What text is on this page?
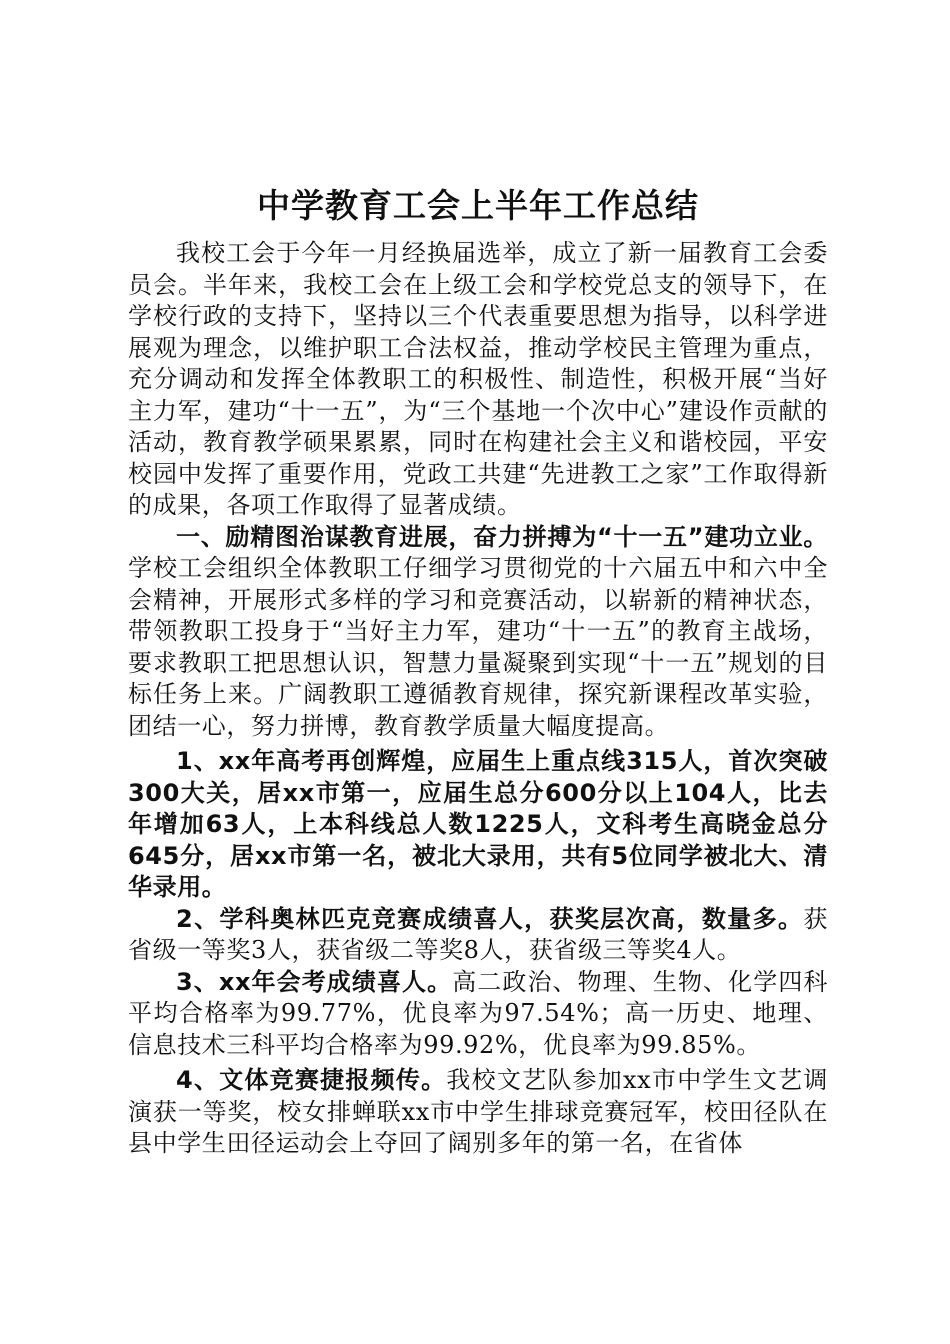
中学教育工会上半年工作总结

我校工会于今年一月经换届选举，成立了新一届教育工会委员会。半年来，我校工会在上级工会和学校党总支的领导下，在学校行政的支持下，坚持以三个代表重要思想为指导，以科学进展观为理念，以维护职工合法权益，推动学校民主管理为重点，充分调动和发挥全体教职工的积极性、制造性，积极开展“当好主力军，建功“十一五”，为“三个基地一个次中心”建设作贡献的活动，教育教学硕果累累，同时在构建社会主义和谐校园，平安校园中发挥了重要作用，党政工共建“先进教工之家”工作取得新的成果，各项工作取得了显著成绩。

一、励精图治谋教育进展，奋力拼搏为“十一五”建功立业。学校工会组织全体教职工仔细学习贯彻党的十六届五中和六中全会精神，开展形式多样的学习和竞赛活动，以崭新的精神状态，带领教职工投身于“当好主力军，建功“十一五”的教育主战场，要求教职工把思想认识，智慧力量凝聚到实现“十一五”规划的目标任务上来。广阔教职工遵循教育规律，探究新课程改革实验，团结一心，努力拼博，教育教学质量大幅度提高。

1、xx年高考再创辉煌，应届生上重点线315人，首次突破300大关，居xx市第一，应届生总分600分以上104人，比去年增加63人，上本科线总人数1225人，文科考生高晓金总分645分，居xx市第一名，被北大录用，共有5位同学被北大、清华录用。

2、学科奥林匹克竞赛成绩喜人，获奖层次高，数量多。获省级一等奖3人，获省级二等奖8人，获省级三等奖4人。

3、xx年会考成绩喜人。高二政治、物理、生物、化学四科平均合格率为99.77%，优良率为97.54%；高一历史、地理、信息技术三科平均合格率为99.92%，优良率为99.85%。

4、文体竞赛捷报频传。我校文艺队参加xx市中学生文艺调演获一等奖，校女排蝉联xx市中学生排球竞赛冠军，校田径队在县中学生田径运动会上夺回了阔别多年的第一名，在省体
